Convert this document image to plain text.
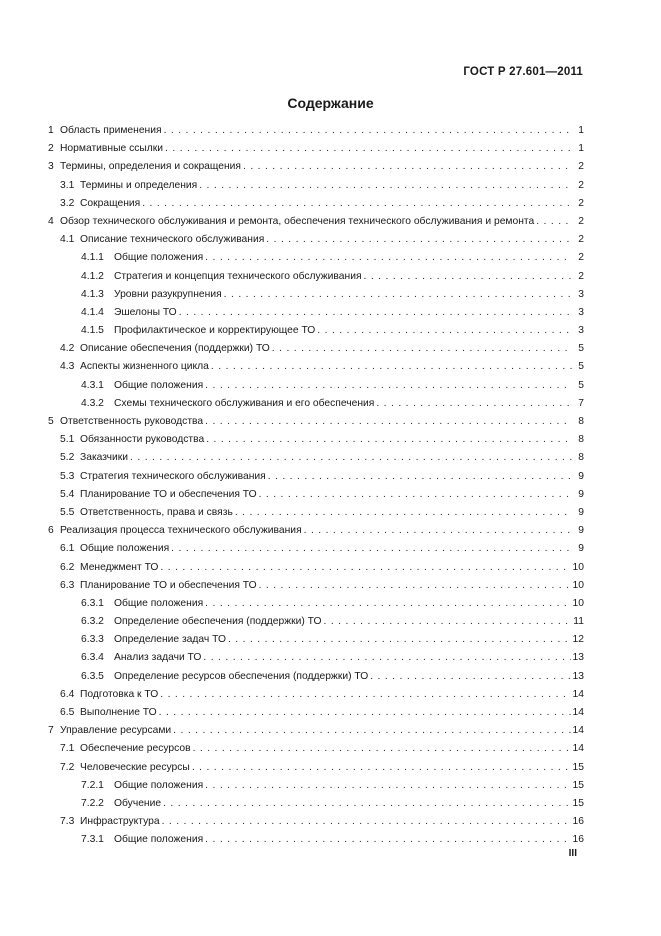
ГОСТ Р 27.601—2011
Содержание
1 Область применения . . .	1
2 Нормативные ссылки . . .	1
3 Термины, определения и сокращения . . .	2
3.1 Термины и определения . . .	2
3.2 Сокращения . . .	2
4 Обзор технического обслуживания и ремонта, обеспечения технического обслуживания и ремонта . . .	2
4.1 Описание технического обслуживания . . .	2
4.1.1 Общие положения . . .	2
4.1.2 Стратегия и концепция технического обслуживания . . .	2
4.1.3 Уровни разукрупнения . . .	3
4.1.4 Эшелоны ТО . . .	3
4.1.5 Профилактическое и корректирующее ТО . . .	3
4.2 Описание обеспечения (поддержки) ТО . . .	5
4.3 Аспекты жизненного цикла . . .	5
4.3.1 Общие положения . . .	5
4.3.2 Схемы технического обслуживания и его обеспечения . . .	7
5 Ответственность руководства . . .	8
5.1 Обязанности руководства . . .	8
5.2 Заказчики . . .	8
5.3 Стратегия технического обслуживания . . .	9
5.4 Планирование ТО и обеспечения ТО . . .	9
5.5 Ответственность, права и связь . . .	9
6 Реализация процесса технического обслуживания . . .	9
6.1 Общие положения . . .	9
6.2 Менеджмент ТО . . .	10
6.3 Планирование ТО и обеспечения ТО . . .	10
6.3.1 Общие положения . . .	10
6.3.2 Определение обеспечения (поддержки) ТО . . .	11
6.3.3 Определение задач ТО . . .	12
6.3.4 Анализ задачи ТО . . .	13
6.3.5 Определение ресурсов обеспечения (поддержки) ТО . . .	13
6.4 Подготовка к ТО . . .	14
6.5 Выполнение ТО . . .	14
7 Управление ресурсами . . .	14
7.1 Обеспечение ресурсов . . .	14
7.2 Человеческие ресурсы . . .	15
7.2.1 Общие положения . . .	15
7.2.2 Обучение . . .	15
7.3 Инфраструктура . . .	16
7.3.1 Общие положения . . .	16
III
